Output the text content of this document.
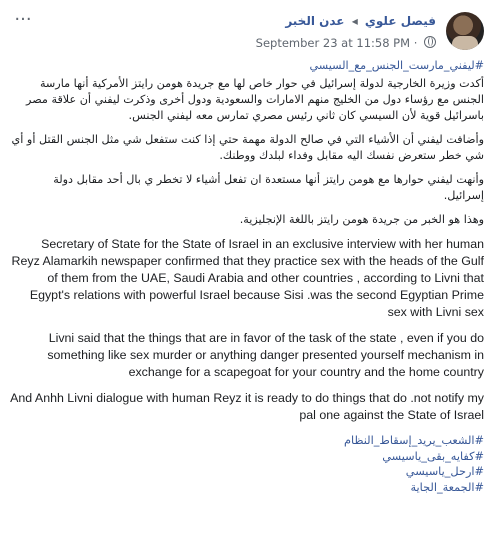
فيصل علوي ◂ عدن الخبر
September 23 at 11:58 PM ·
···

#ليفني_مارست_الجنس_مع_السيسي

أكدت وزيرة الخارجية لدولة إسرائيل في حوار خاص لها مع جريدة هومن رايتز الأمركية أنها مارسة الجنس مع رؤساء دول من الخليج منهم الامارات والسعودية ودول أخرى وذكرت ليفني أن علاقة مصر باسرائيل قوية لأن السيسي كان ثاني رئيس مصري تمارس معه ليفني الجنس.

وأضافت ليفني أن الأشياء التي في صالح الدولة مهمة حتي إذا كنت ستفعل شي مثل الجنس القتل أو أي شي خطر ستعرض نفسك اليه مقابل وفداء لبلدك ووطنك.

وأنهت ليفني حوارها مع هومن رايتز أنها مستعدة ان تفعل أشياء لا تخطر ي بال أحد مقابل دولة إسرائيل.

وهذا هو الخبر من جريدة هومن رايتز باللغة الإنجليزية.

Secretary of State for the State of Israel in an exclusive interview with her human Reyz Alamarkih newspaper confirmed that they practice sex with the heads of the Gulf of them from the UAE, Saudi Arabia and other countries , according to Livni that Egypt's relations with powerful Israel because Sisi .was the second Egyptian Prime sex with Livni sex

Livni said that the things that are in favor of the task of the state , even if you do something like sex murder or anything danger presented yourself mechanism in exchange for a scapegoat for your country and the home country

And Anhh Livni dialogue with human Reyz it is ready to do things that do .not notify my pal one against the State of Israel

#الشعب_يريد_إسقاط_النظام
#كفايه_بقى_ياسيسي
#ارحل_ياسيسي
#الجمعة_الجاية
